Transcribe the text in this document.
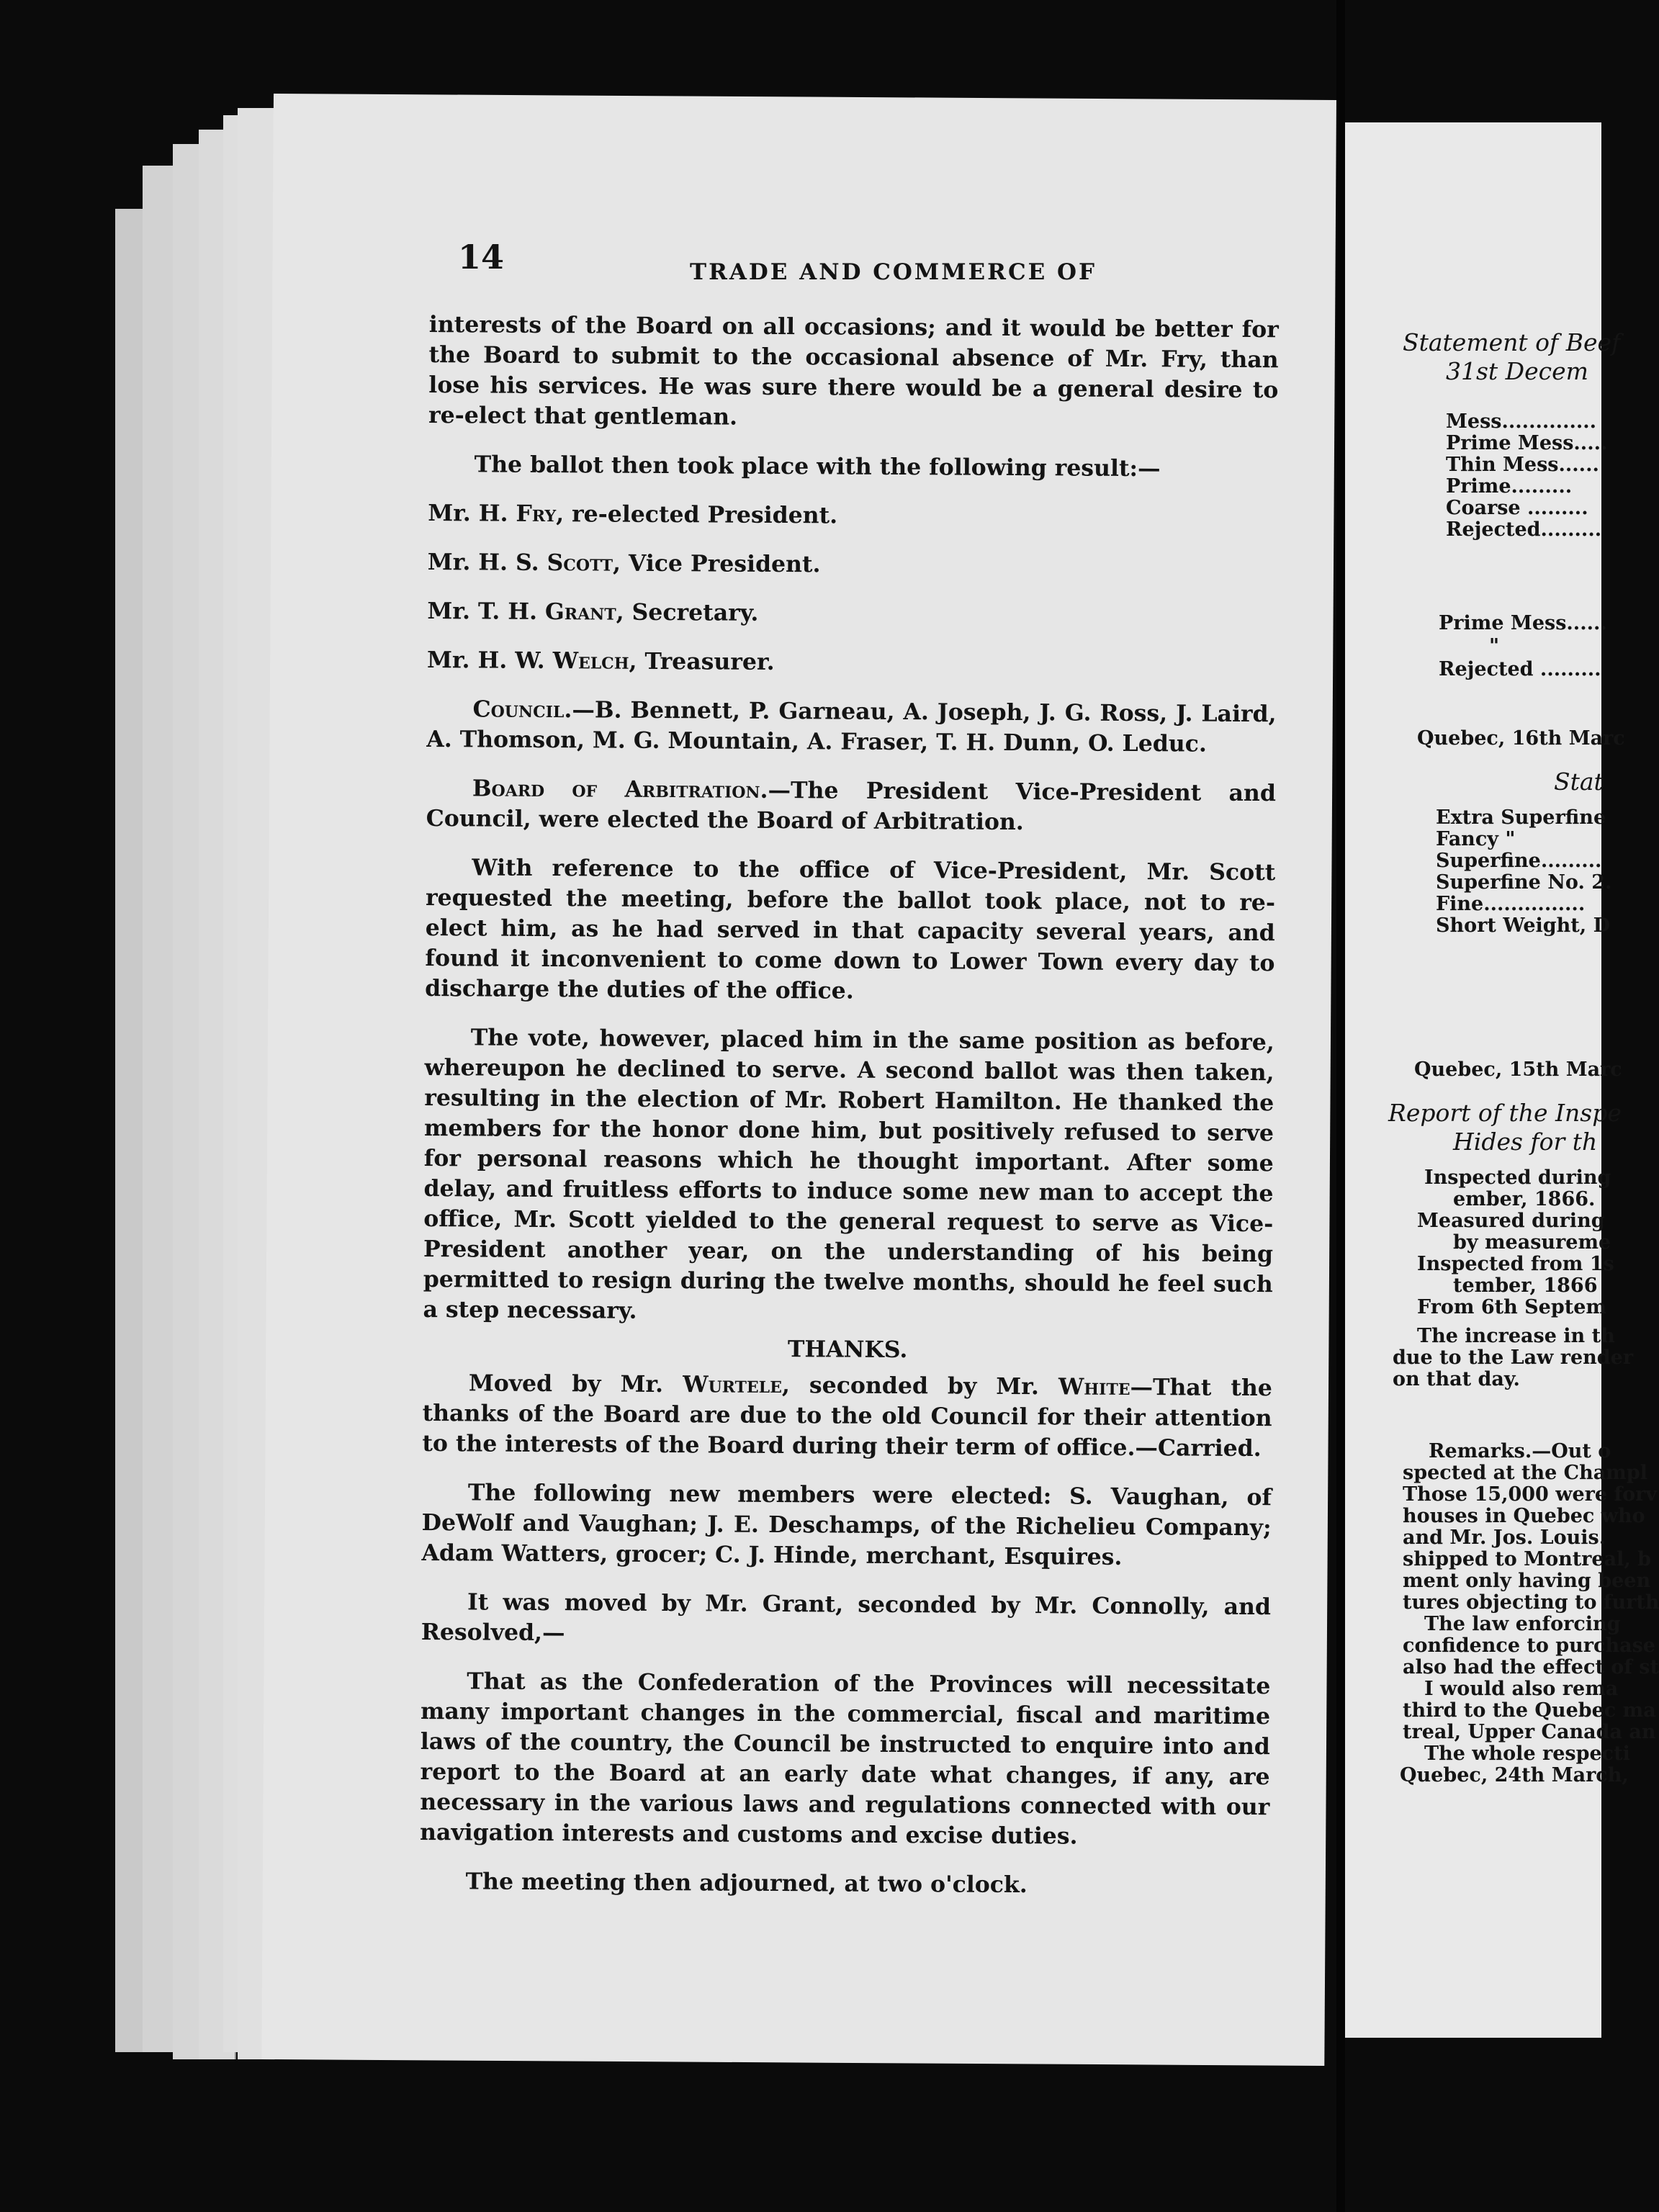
14	TRADE AND COMMERCE OF

interests of the Board on all occasions; and it would be better for the Board to submit to the occasional absence of Mr. Fry, than lose his services. He was sure there would be a general desire to re-elect that gentleman.

The ballot then took place with the following result:—

Mr. H. Fry, re-elected President.

Mr. H. S. Scott, Vice President.

Mr. T. H. Grant, Secretary.

Mr. H. W. Welch, Treasurer.

Council.—B. Bennett, P. Garneau, A. Joseph, J. G. Ross, J. Laird, A. Thomson, M. G. Mountain, A. Fraser, T. H. Dunn, O. Leduc.

Board of Arbitration.—The President Vice-President and Council, were elected the Board of Arbitration.

With reference to the office of Vice-President, Mr. Scott requested the meeting, before the ballot took place, not to re-elect him, as he had served in that capacity several years, and found it inconvenient to come down to Lower Town every day to discharge the duties of the office.

The vote, however, placed him in the same position as before, whereupon he declined to serve. A second ballot was then taken, resulting in the election of Mr. Robert Hamilton. He thanked the members for the honor done him, but positively refused to serve for personal reasons which he thought important. After some delay, and fruitless efforts to induce some new man to accept the office, Mr. Scott yielded to the general request to serve as Vice-President another year, on the understanding of his being permitted to resign during the twelve months, should he feel such a step necessary.

THANKS.

Moved by Mr. Wurtele, seconded by Mr. White—That the thanks of the Board are due to the old Council for their attention to the interests of the Board during their term of office.—Carried.

The following new members were elected: S. Vaughan, of DeWolf and Vaughan; J. E. Deschamps, of the Richelieu Company; Adam Watters, grocer; C. J. Hinde, merchant, Esquires.

It was moved by Mr. Grant, seconded by Mr. Connolly, and Resolved,—

That as the Confederation of the Provinces will necessitate many important changes in the commercial, fiscal and maritime laws of the country, the Council be instructed to enquire into and report to the Board at an early date what changes, if any, are necessary in the various laws and regulations connected with our navigation interests and customs and excise duties.

The meeting then adjourned, at two o'clock.

Statement of Beef
31st Decem
Mess..............
Prime Mess.....
Thin Mess......
Prime.........
Coarse .........
Rejected.........
Prime Mess......
"
Rejected .........
Quebec, 16th Marc
Stat
Extra Superfine
Fancy "
Superfine.........
Superfine No. 2.
Fine...............
Short Weight, D
Quebec, 15th Marc
Report of the Inspe
Hides for th
Inspected during
ember, 1866.
Measured during
by measureme
Inspected from 1s
tember, 1866
From 6th Septem
The increase in th
due to the Law render
on that day.
Remarks.—Out o
spected at the Champl
Those 15,000 were forv
houses in Quebec who
and Mr. Jos. Louis.
shipped to Montreal, b
ment only having been
tures objecting to furth
The law enforcing
confidence to purchase
also had the effect of st
I would also rema
third to the Quebec ma
treal, Upper Canada an
The whole respecti
Quebec, 24th March,
